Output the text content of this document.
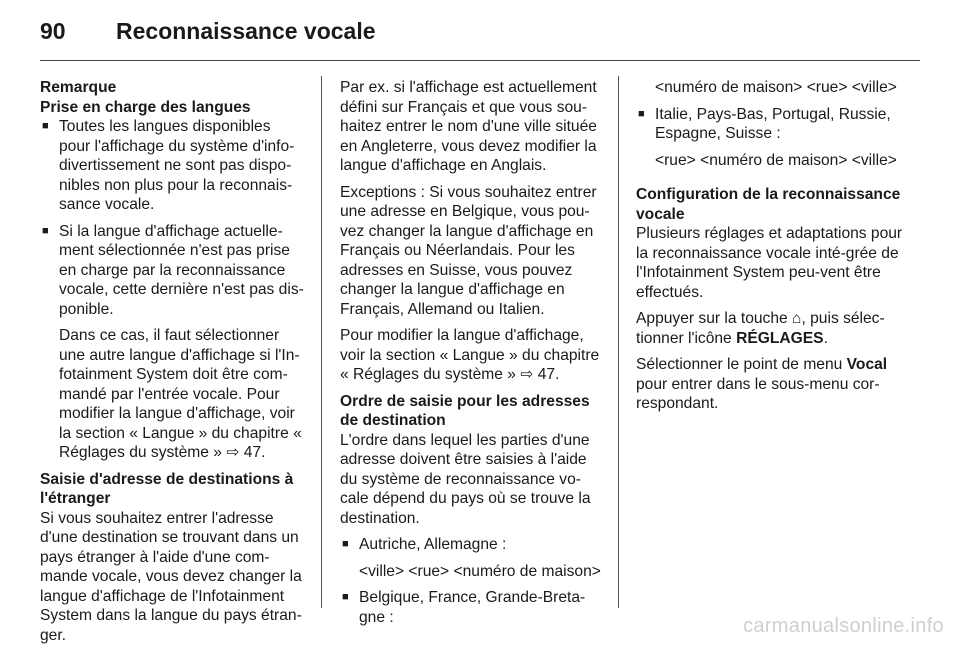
90	Reconnaissance vocale
Remarque
Prise en charge des langues
■ Toutes les langues disponibles pour l'affichage du système d'info-divertissement ne sont pas dispo-nibles non plus pour la reconnais-sance vocale.
■ Si la langue d'affichage actuelle-ment sélectionnée n'est pas prise en charge par la reconnaissance vocale, cette dernière n'est pas dis-ponible.

Dans ce cas, il faut sélectionner une autre langue d'affichage si l'In-fotainment System doit être com-mandé par l'entrée vocale. Pour modifier la langue d'affichage, voir la section « Langue » du chapitre « Réglages du système » ⇨ 47.

Saisie d'adresse de destinations à l'étranger

Si vous souhaitez entrer l'adresse d'une destination se trouvant dans un pays étranger à l'aide d'une com-mande vocale, vous devez changer la langue d'affichage de l'Infotainment System dans la langue du pays étran-ger.

Par ex. si l'affichage est actuellement défini sur Français et que vous sou-haitez entrer le nom d'une ville située en Angleterre, vous devez modifier la langue d'affichage en Anglais.

Exceptions : Si vous souhaitez entrer une adresse en Belgique, vous pou-vez changer la langue d'affichage en Français ou Néerlandais. Pour les adresses en Suisse, vous pouvez changer la langue d'affichage en Français, Allemand ou Italien.

Pour modifier la langue d'affichage, voir la section « Langue » du chapitre « Réglages du système » ⇨ 47.

Ordre de saisie pour les adresses de destination

L'ordre dans lequel les parties d'une adresse doivent être saisies à l'aide du système de reconnaissance vo-cale dépend du pays où se trouve la destination.

■ Autriche, Allemagne :

<ville> <rue> <numéro de maison>

■ Belgique, France, Grande-Breta-gne :

<numéro de maison> <rue> <ville>

■ Italie, Pays-Bas, Portugal, Russie, Espagne, Suisse :

<rue> <numéro de maison> <ville>

Configuration de la reconnaissance vocale

Plusieurs réglages et adaptations pour la reconnaissance vocale inté-grée de l'Infotainment System peu-vent être effectués.

Appuyer sur la touche ⌂, puis sélec-tionner l'icône RÉGLAGES.

Sélectionner le point de menu Vocal pour entrer dans le sous-menu cor-respondant.

carmanualsonline.info
